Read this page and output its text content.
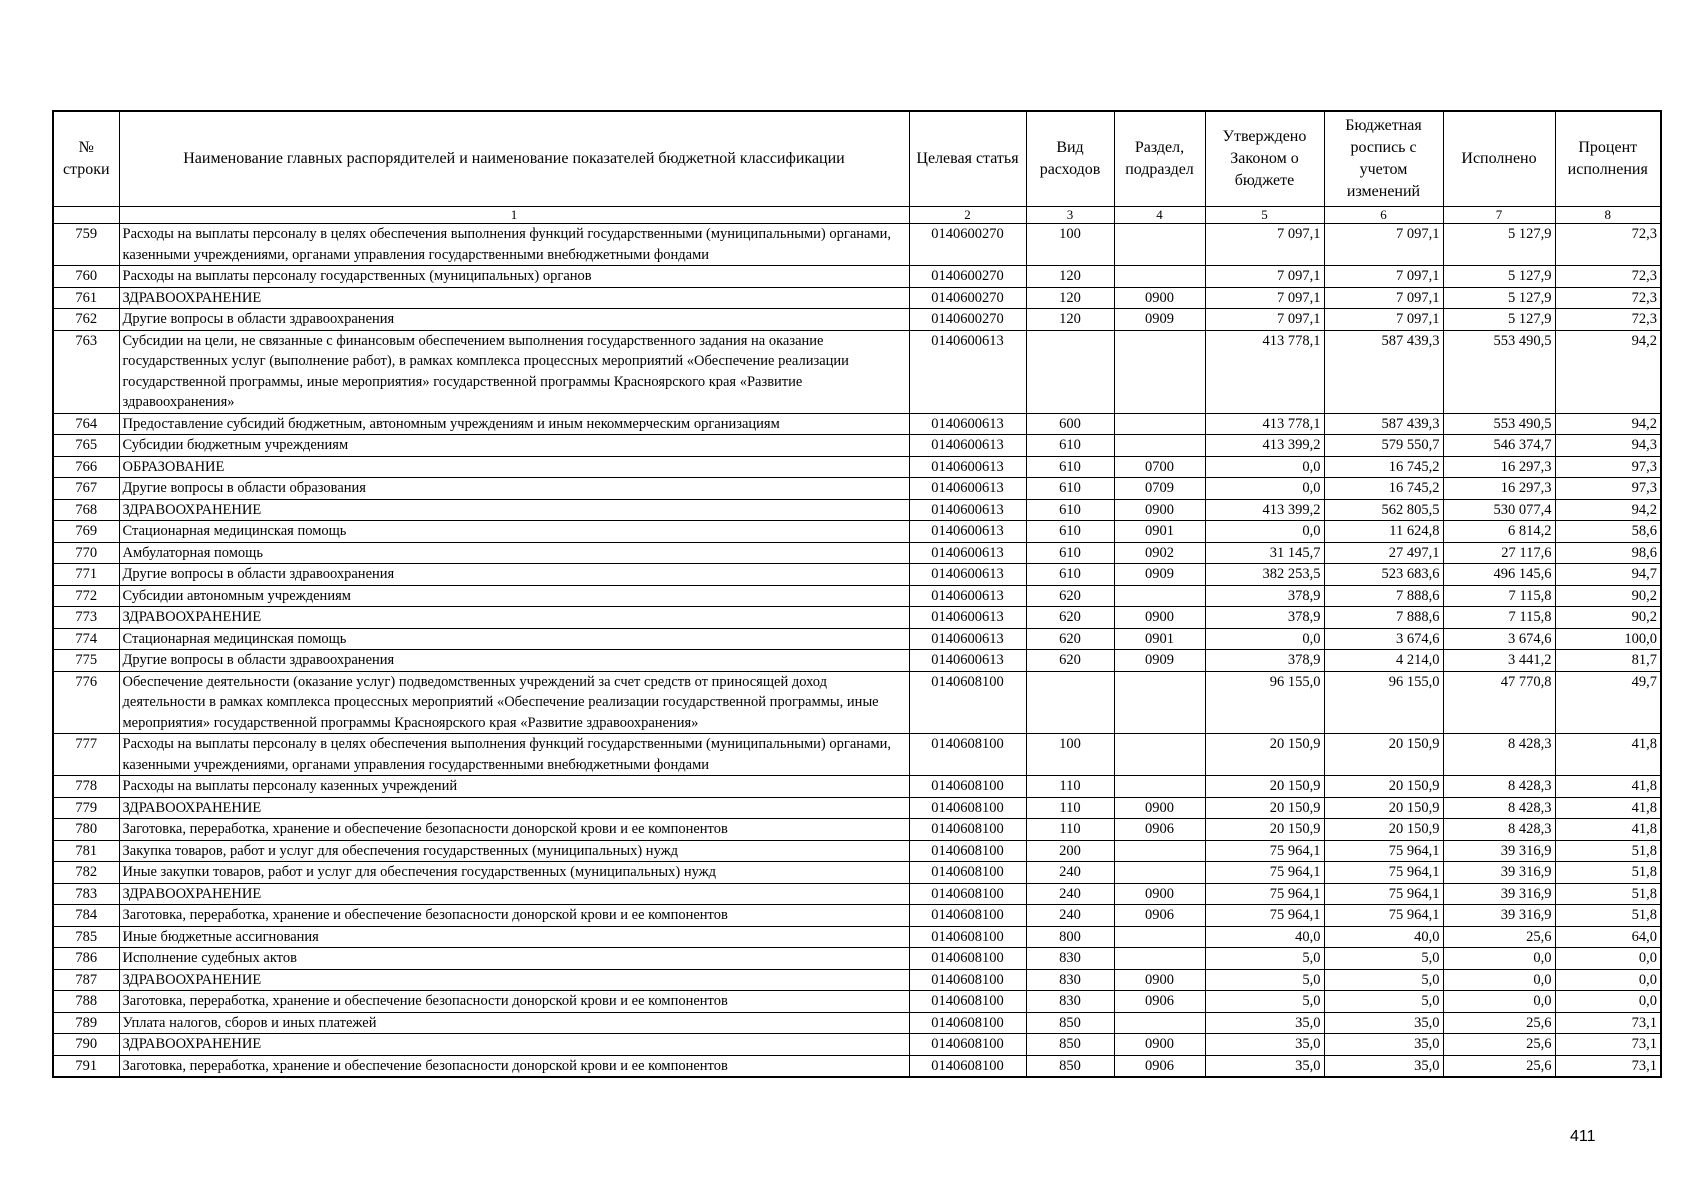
№ строки	Наименование главных распорядителей и наименование показателей бюджетной классификации	Целевая статья	Вид расходов	Раздел, подраздел	Утверждено Законом о бюджете	Бюджетная роспись с учетом изменений	Исполнено	Процент исполнения
	1	2	3	4	5	6	7	8
759	Расходы на выплаты персоналу в целях обеспечения выполнения функций государственными (муниципальными) органами, казенными учреждениями, органами управления государственными внебюджетными фондами	0140600270	100		7 097,1	7 097,1	5 127,9	72,3
760	Расходы на выплаты персоналу государственных (муниципальных) органов	0140600270	120		7 097,1	7 097,1	5 127,9	72,3
761	ЗДРАВООХРАНЕНИЕ	0140600270	120	0900	7 097,1	7 097,1	5 127,9	72,3
762	Другие вопросы в области здравоохранения	0140600270	120	0909	7 097,1	7 097,1	5 127,9	72,3
763	Субсидии на цели, не связанные с финансовым обеспечением выполнения государственного задания на оказание государственных услуг (выполнение работ), в рамках комплекса процессных мероприятий «Обеспечение реализации государственной программы, иные мероприятия» государственной программы Красноярского края «Развитие здравоохранения»	0140600613			413 778,1	587 439,3	553 490,5	94,2
764	Предоставление субсидий бюджетным, автономным учреждениям и иным некоммерческим организациям	0140600613	600		413 778,1	587 439,3	553 490,5	94,2
765	Субсидии бюджетным учреждениям	0140600613	610		413 399,2	579 550,7	546 374,7	94,3
766	ОБРАЗОВАНИЕ	0140600613	610	0700	0,0	16 745,2	16 297,3	97,3
767	Другие вопросы в области образования	0140600613	610	0709	0,0	16 745,2	16 297,3	97,3
768	ЗДРАВООХРАНЕНИЕ	0140600613	610	0900	413 399,2	562 805,5	530 077,4	94,2
769	Стационарная медицинская помощь	0140600613	610	0901	0,0	11 624,8	6 814,2	58,6
770	Амбулаторная помощь	0140600613	610	0902	31 145,7	27 497,1	27 117,6	98,6
771	Другие вопросы в области здравоохранения	0140600613	610	0909	382 253,5	523 683,6	496 145,6	94,7
772	Субсидии автономным учреждениям	0140600613	620		378,9	7 888,6	7 115,8	90,2
773	ЗДРАВООХРАНЕНИЕ	0140600613	620	0900	378,9	7 888,6	7 115,8	90,2
774	Стационарная медицинская помощь	0140600613	620	0901	0,0	3 674,6	3 674,6	100,0
775	Другие вопросы в области здравоохранения	0140600613	620	0909	378,9	4 214,0	3 441,2	81,7
776	Обеспечение деятельности (оказание услуг) подведомственных учреждений за счет средств от приносящей доход деятельности в рамках комплекса процессных мероприятий «Обеспечение реализации государственной программы, иные мероприятия» государственной программы Красноярского края «Развитие здравоохранения»	0140608100			96 155,0	96 155,0	47 770,8	49,7
777	Расходы на выплаты персоналу в целях обеспечения выполнения функций государственными (муниципальными) органами, казенными учреждениями, органами управления государственными внебюджетными фондами	0140608100	100		20 150,9	20 150,9	8 428,3	41,8
778	Расходы на выплаты персоналу казенных учреждений	0140608100	110		20 150,9	20 150,9	8 428,3	41,8
779	ЗДРАВООХРАНЕНИЕ	0140608100	110	0900	20 150,9	20 150,9	8 428,3	41,8
780	Заготовка, переработка, хранение и обеспечение безопасности донорской крови и ее компонентов	0140608100	110	0906	20 150,9	20 150,9	8 428,3	41,8
781	Закупка товаров, работ и услуг для обеспечения государственных (муниципальных) нужд	0140608100	200		75 964,1	75 964,1	39 316,9	51,8
782	Иные закупки товаров, работ и услуг для обеспечения государственных (муниципальных) нужд	0140608100	240		75 964,1	75 964,1	39 316,9	51,8
783	ЗДРАВООХРАНЕНИЕ	0140608100	240	0900	75 964,1	75 964,1	39 316,9	51,8
784	Заготовка, переработка, хранение и обеспечение безопасности донорской крови и ее компонентов	0140608100	240	0906	75 964,1	75 964,1	39 316,9	51,8
785	Иные бюджетные ассигнования	0140608100	800		40,0	40,0	25,6	64,0
786	Исполнение судебных актов	0140608100	830		5,0	5,0	0,0	0,0
787	ЗДРАВООХРАНЕНИЕ	0140608100	830	0900	5,0	5,0	0,0	0,0
788	Заготовка, переработка, хранение и обеспечение безопасности донорской крови и ее компонентов	0140608100	830	0906	5,0	5,0	0,0	0,0
789	Уплата налогов, сборов и иных платежей	0140608100	850		35,0	35,0	25,6	73,1
790	ЗДРАВООХРАНЕНИЕ	0140608100	850	0900	35,0	35,0	25,6	73,1
791	Заготовка, переработка, хранение и обеспечение безопасности донорской крови и ее компонентов	0140608100	850	0906	35,0	35,0	25,6	73,1
411
